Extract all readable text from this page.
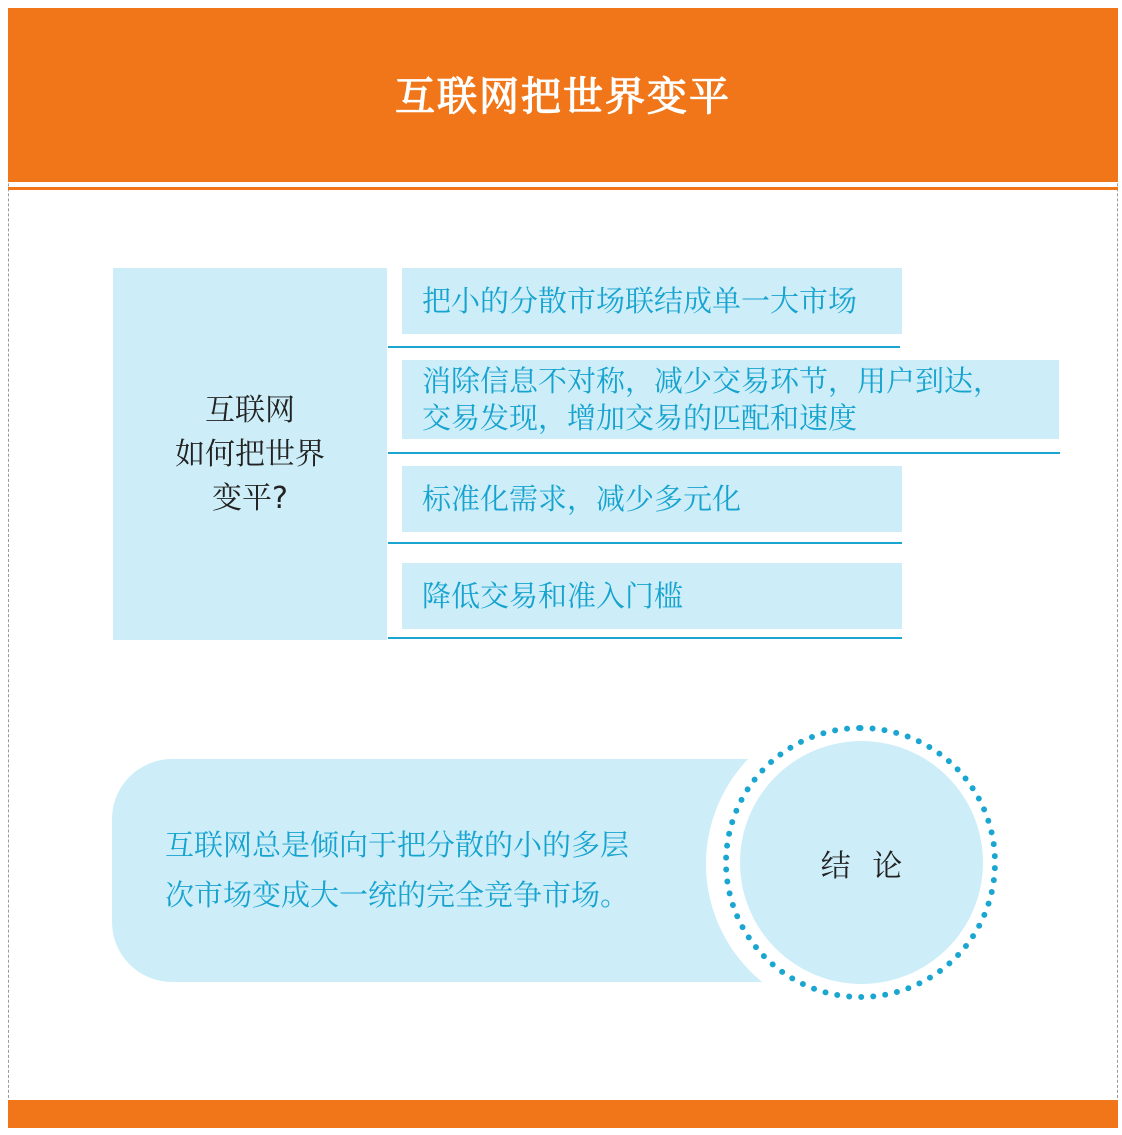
互联网把世界变平
互联网
如何把世界
变平?
把小的分散市场联结成单一大市场
消除信息不对称，减少交易环节，用户到达，
交易发现，增加交易的匹配和速度
标准化需求，减少多元化
降低交易和准入门槛
互联网总是倾向于把分散的小的多层
次市场变成大一统的完全竞争市场。
结 论
